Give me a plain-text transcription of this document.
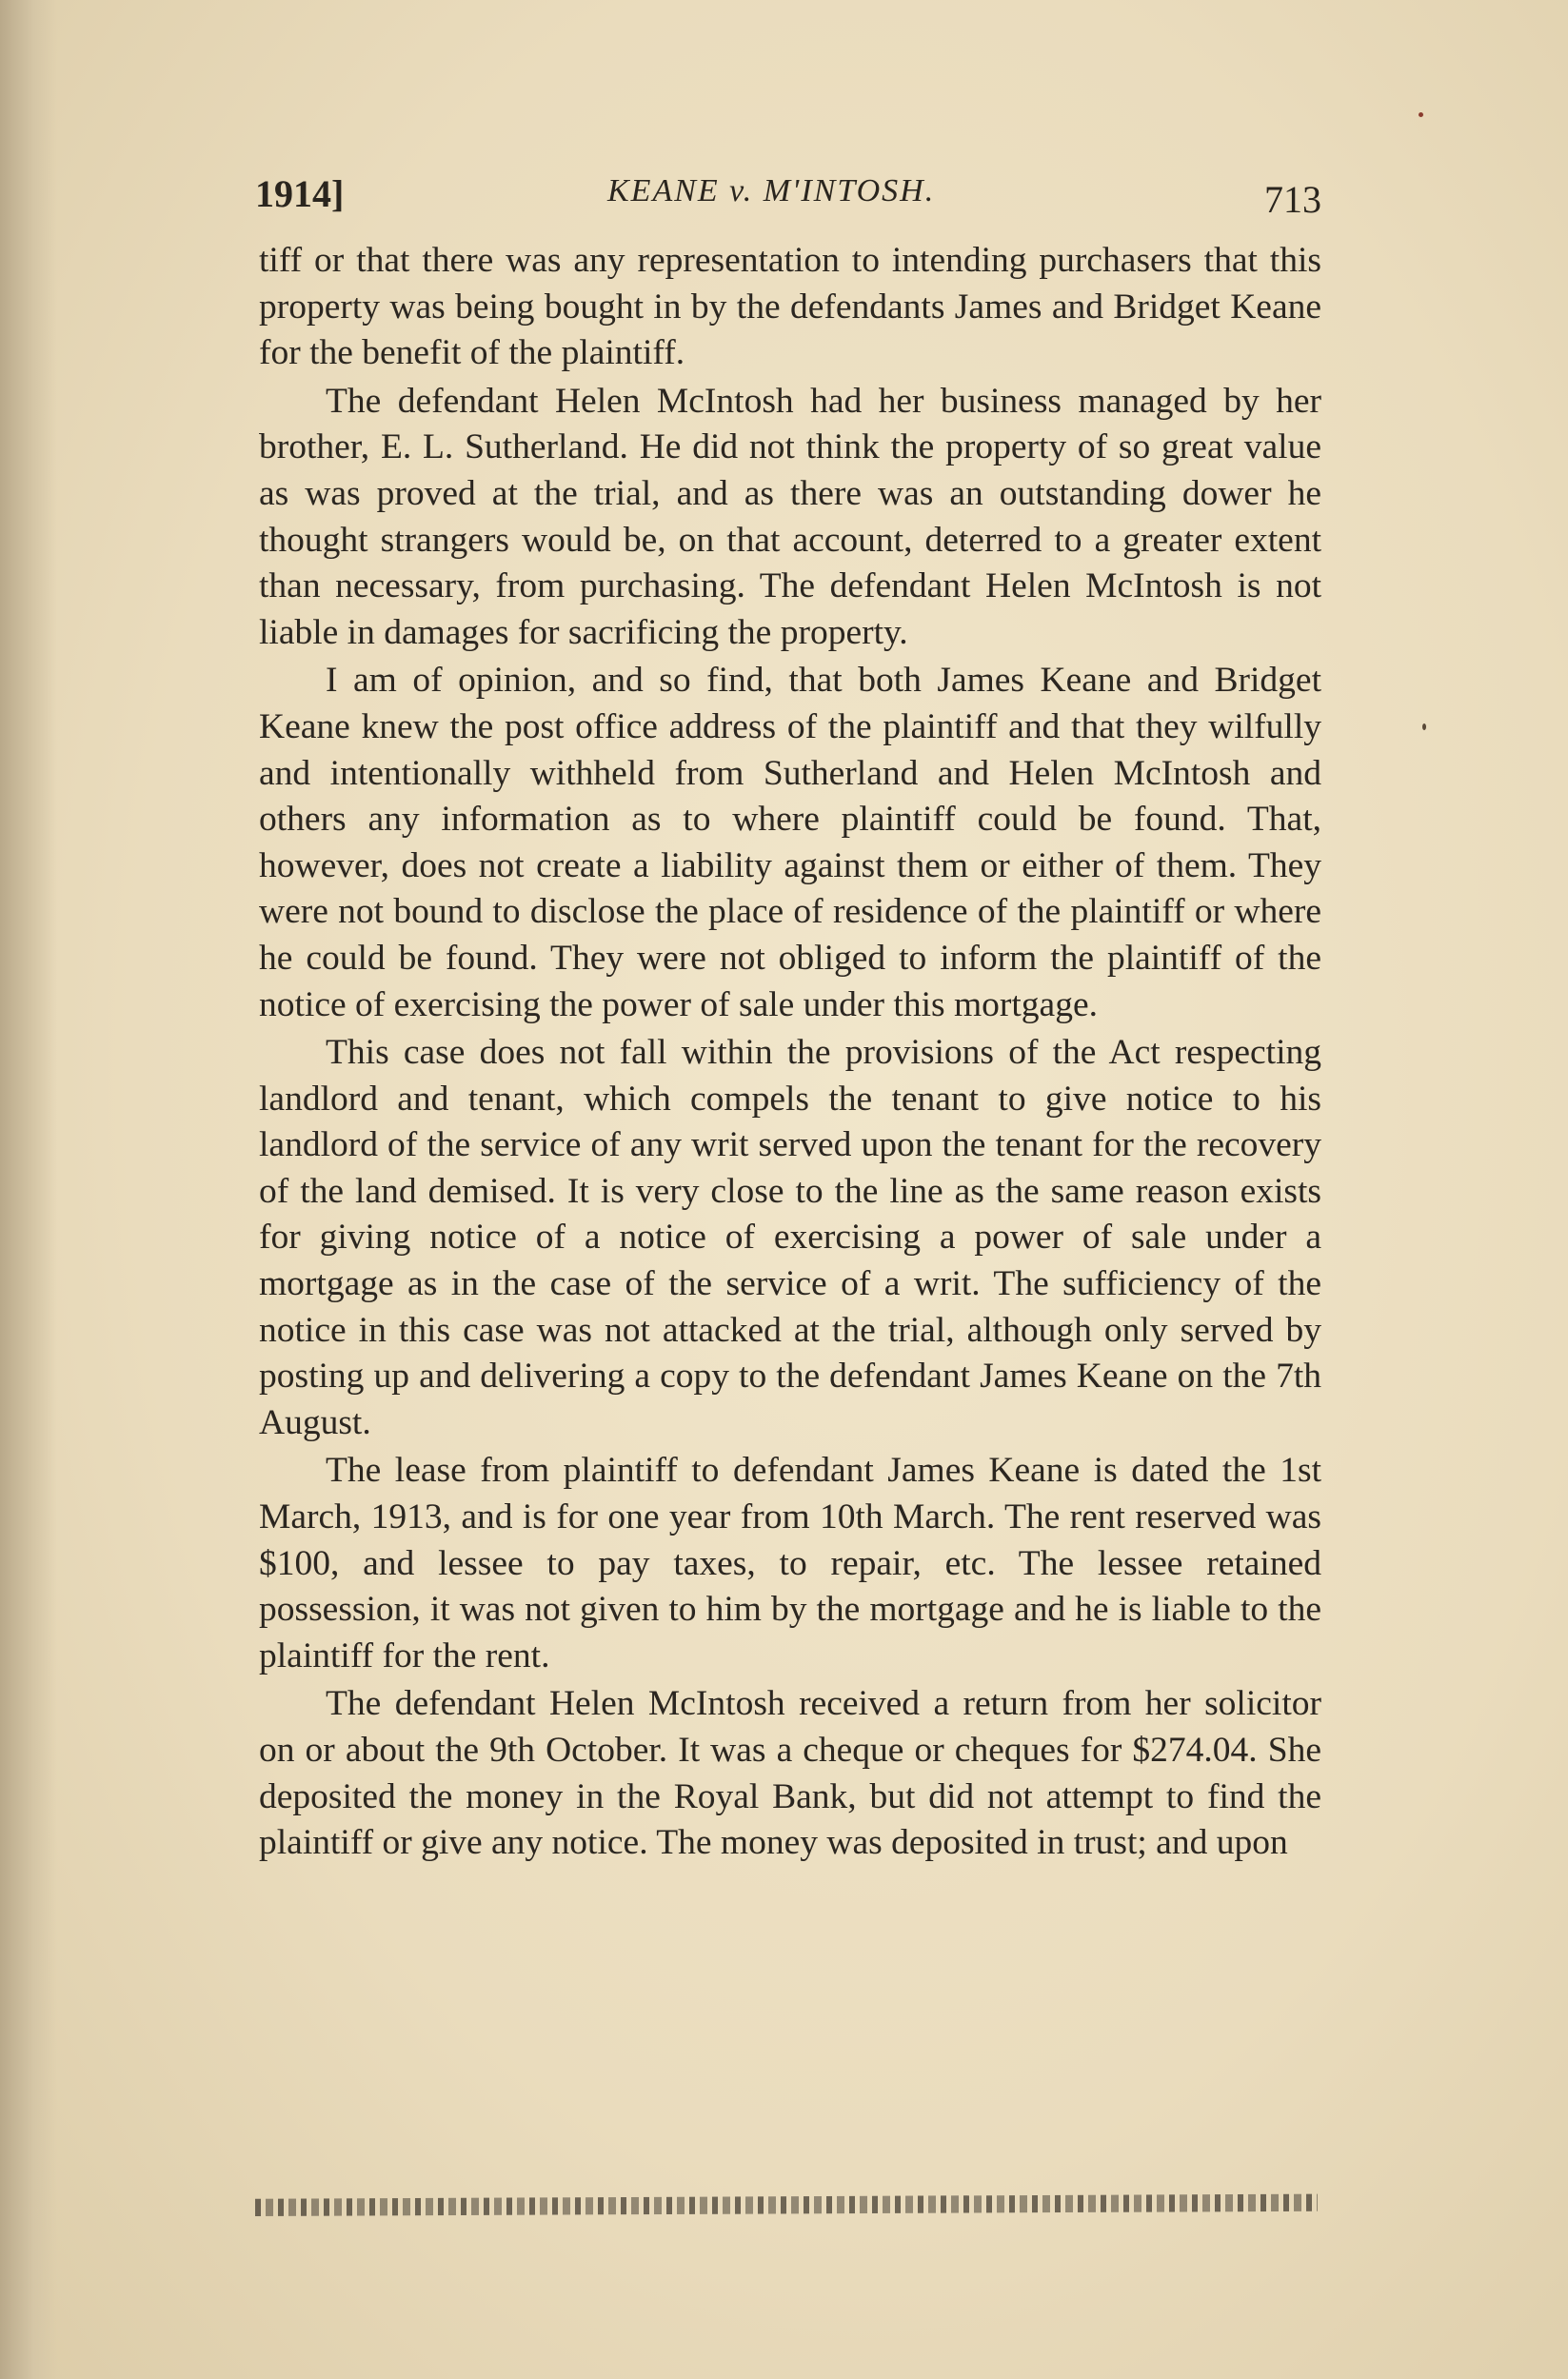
1914]	KEANE v. M'INTOSH.	713

tiff or that there was any representation to intending purchasers that this property was being bought in by the defendants James and Bridget Keane for the benefit of the plaintiff.

The defendant Helen McIntosh had her business managed by her brother, E. L. Sutherland. He did not think the property of so great value as was proved at the trial, and as there was an outstanding dower he thought strangers would be, on that account, deterred to a greater extent than necessary, from purchasing. The defendant Helen McIntosh is not liable in damages for sacrificing the property.

I am of opinion, and so find, that both James Keane and Bridget Keane knew the post office address of the plaintiff and that they wilfully and intentionally withheld from Sutherland and Helen McIntosh and others any information as to where plaintiff could be found. That, however, does not create a liability against them or either of them. They were not bound to disclose the place of residence of the plaintiff or where he could be found. They were not obliged to inform the plaintiff of the notice of exercising the power of sale under this mortgage.

This case does not fall within the provisions of the Act respecting landlord and tenant, which compels the tenant to give notice to his landlord of the service of any writ served upon the tenant for the recovery of the land demised. It is very close to the line as the same reason exists for giving notice of a notice of exercising a power of sale under a mortgage as in the case of the service of a writ. The sufficiency of the notice in this case was not attacked at the trial, although only served by posting up and delivering a copy to the defendant James Keane on the 7th August.

The lease from plaintiff to defendant James Keane is dated the 1st March, 1913, and is for one year from 10th March. The rent reserved was $100, and lessee to pay taxes, to repair, etc. The lessee retained possession, it was not given to him by the mortgage and he is liable to the plaintiff for the rent.

The defendant Helen McIntosh received a return from her solicitor on or about the 9th October. It was a cheque or cheques for $274.04. She deposited the money in the Royal Bank, but did not attempt to find the plaintiff or give any notice. The money was deposited in trust; and upon
